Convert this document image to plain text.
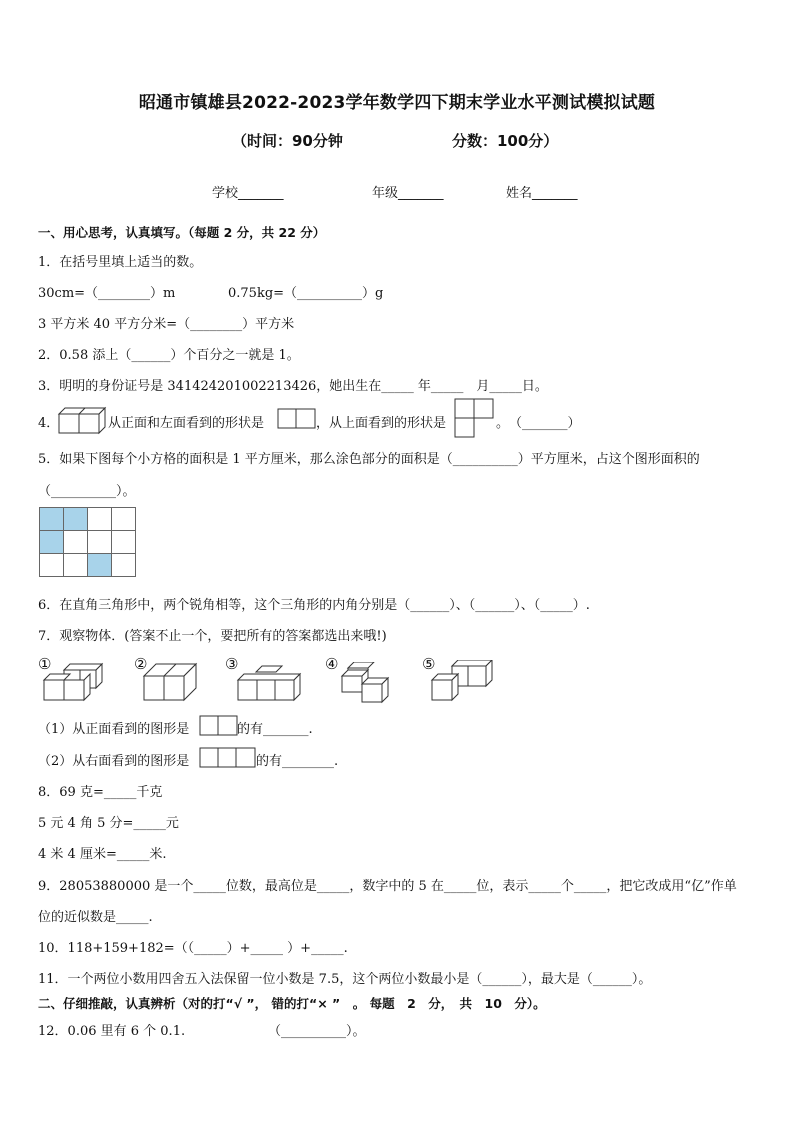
昭通市镇雄县2022-2023学年数学四下期末学业水平测试模拟试题
（时间：90分钟	分数：100分）
学校_______	年级_______	姓名_______
一、用心思考，认真填写。（每题 2 分，共 22 分）
1．在括号里填上适当的数。
30cm=（________）m	0.75kg=（__________）g
3 平方米 40 平方分米=（________）平方米
2．0.58 添上（______）个百分之一就是 1。
3．明明的身份证号是 341424201002213426，她出生在_____ 年_____　月_____日。
4．	从正面和左面看到的形状是	，从上面看到的形状是	。　（_______）
5．如果下图每个小方格的面积是 1 平方厘米，那么涂色部分的面积是（__________）平方厘米，占这个图形面积的
（__________）。

6．在直角三角形中，两个锐角相等，这个三角形的内角分别是（______）、（______）、（_____）.
7．观察物体．(答案不止一个，要把所有的答案都选出来哦!)
①	②	③	④	⑤
（1）从正面看到的图形是	的有_______.
（2）从右面看到的图形是	的有________.
8．69 克=_____千克
5 元 4 角 5 分=_____元
4 米 4 厘米=_____米.
9．28053880000 是一个_____位数，最高位是_____，数字中的 5 在_____位，表示_____个_____，把它改成用“亿”作单
位的近似数是_____.
10．118+159+182=（（_____）+_____ ）+_____.
11．一个两位小数用四舍五入法保留一位小数是 7.5，这个两位小数最小是（______），最大是（______）。
二、仔细推敲，认真辨析（对的打“√ ”， 错的打“× ”　。 每题　2　分，　共　10　分）。
12．0.06 里有 6 个 0.1.	（__________）。
